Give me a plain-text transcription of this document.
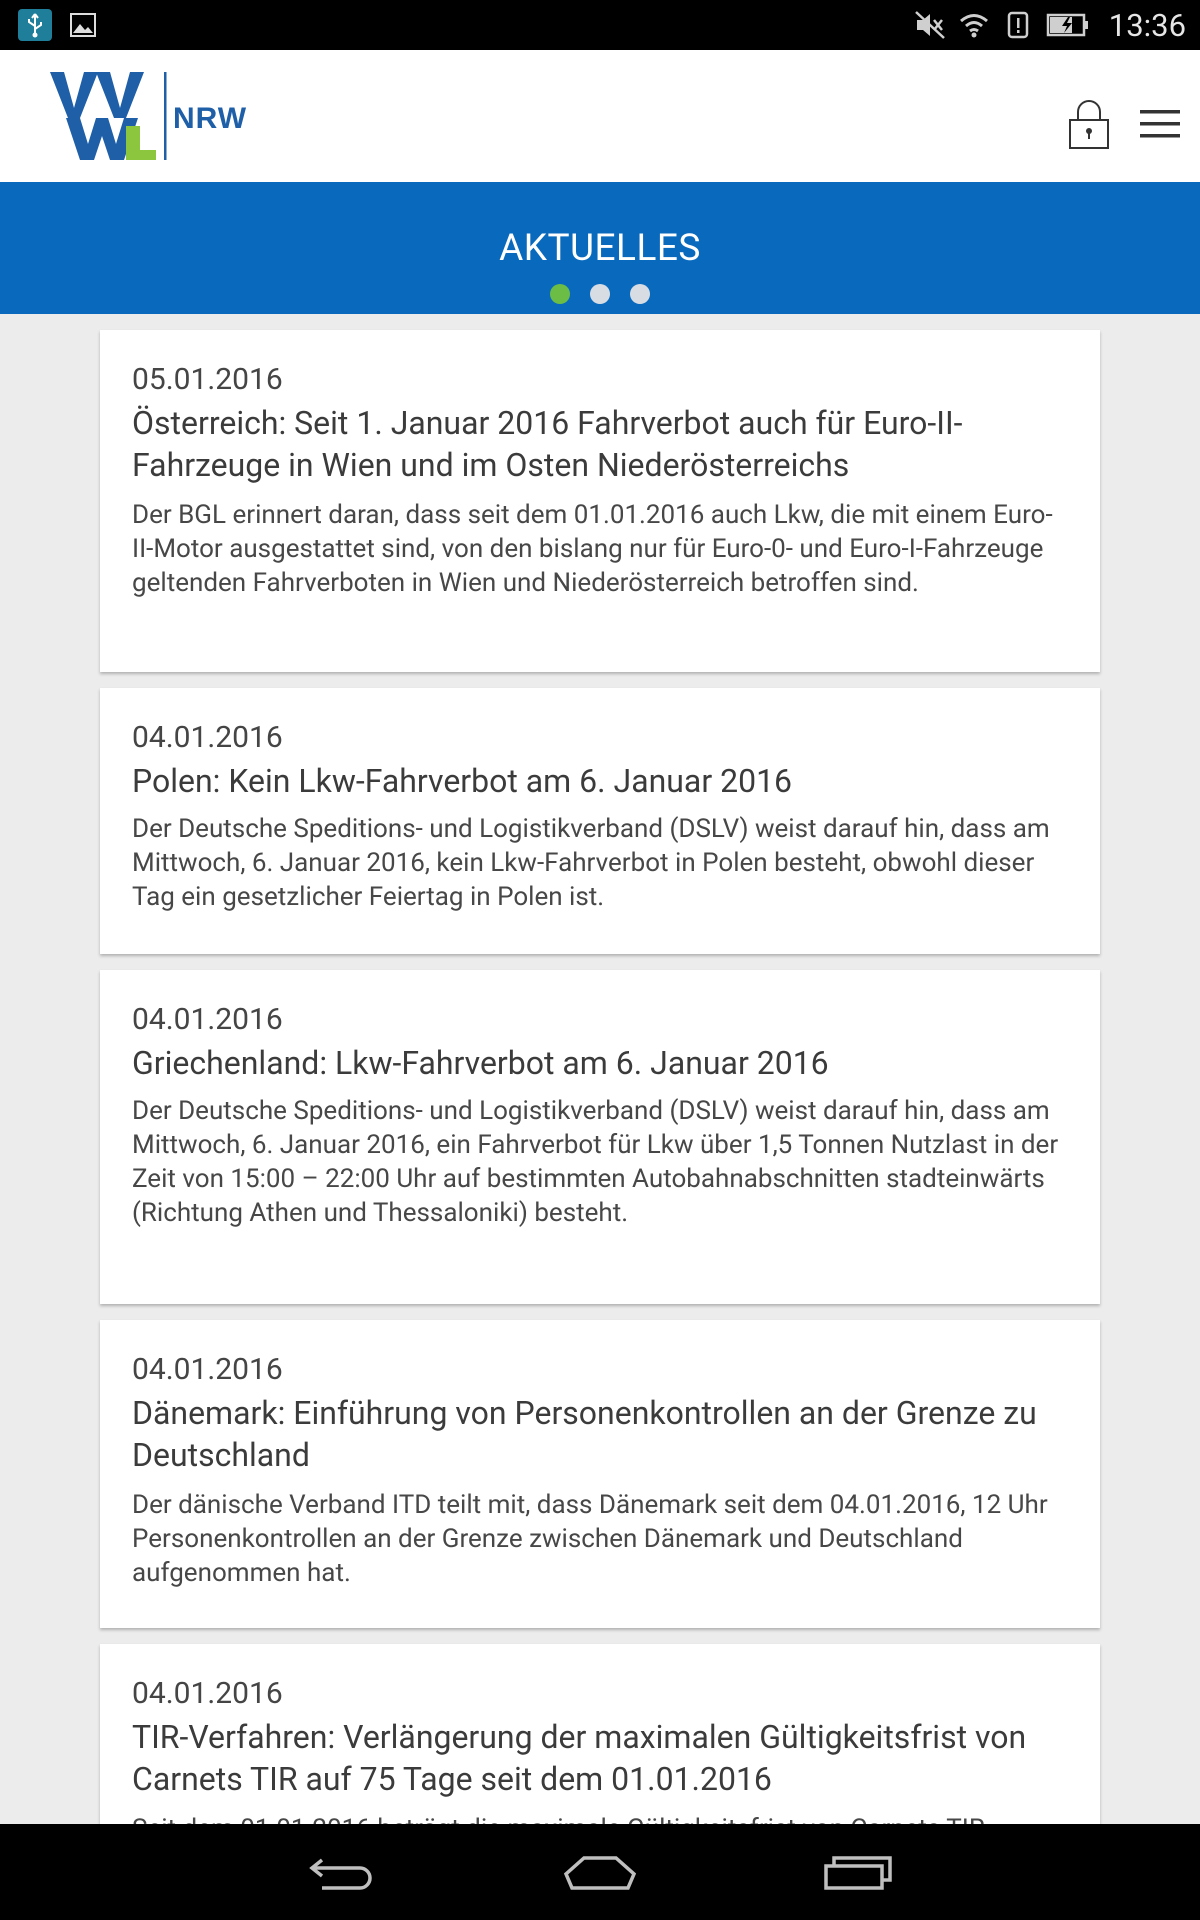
13:36
NRW
AKTUELLES
05.01.2016
Österreich: Seit 1. Januar 2016 Fahrverbot auch für Euro-II-Fahrzeuge in Wien und im Osten Niederösterreichs
Der BGL erinnert daran, dass seit dem 01.01.2016 auch Lkw, die mit einem Euro-II-Motor ausgestattet sind, von den bislang nur für Euro-0- und Euro-I-Fahrzeuge geltenden Fahrverboten in Wien und Niederösterreich betroffen sind.
04.01.2016
Polen: Kein Lkw-Fahrverbot am 6. Januar 2016
Der Deutsche Speditions- und Logistikverband (DSLV) weist darauf hin, dass am Mittwoch, 6. Januar 2016, kein Lkw-Fahrverbot in Polen besteht, obwohl dieser Tag ein gesetzlicher Feiertag in Polen ist.
04.01.2016
Griechenland: Lkw-Fahrverbot am 6. Januar 2016
Der Deutsche Speditions- und Logistikverband (DSLV) weist darauf hin, dass am Mittwoch, 6. Januar 2016, ein Fahrverbot für Lkw über 1,5 Tonnen Nutzlast in der Zeit von 15:00 – 22:00 Uhr auf bestimmten Autobahnabschnitten stadteinwärts (Richtung Athen und Thessaloniki) besteht.
04.01.2016
Dänemark: Einführung von Personenkontrollen an der Grenze zu Deutschland
Der dänische Verband ITD teilt mit, dass Dänemark seit dem 04.01.2016, 12 Uhr Personenkontrollen an der Grenze zwischen Dänemark und Deutschland aufgenommen hat.
04.01.2016
TIR-Verfahren: Verlängerung der maximalen Gültigkeitsfrist von Carnets TIR auf 75 Tage seit dem 01.01.2016
